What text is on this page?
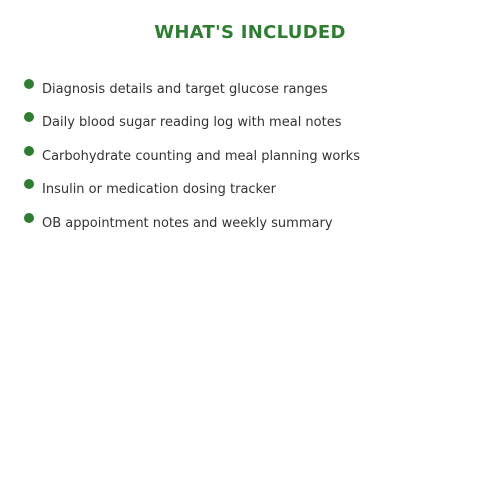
WHAT'S INCLUDED
Diagnosis details and target glucose ranges
Daily blood sugar reading log with meal notes
Carbohydrate counting and meal planning works
Insulin or medication dosing tracker
OB appointment notes and weekly summary
